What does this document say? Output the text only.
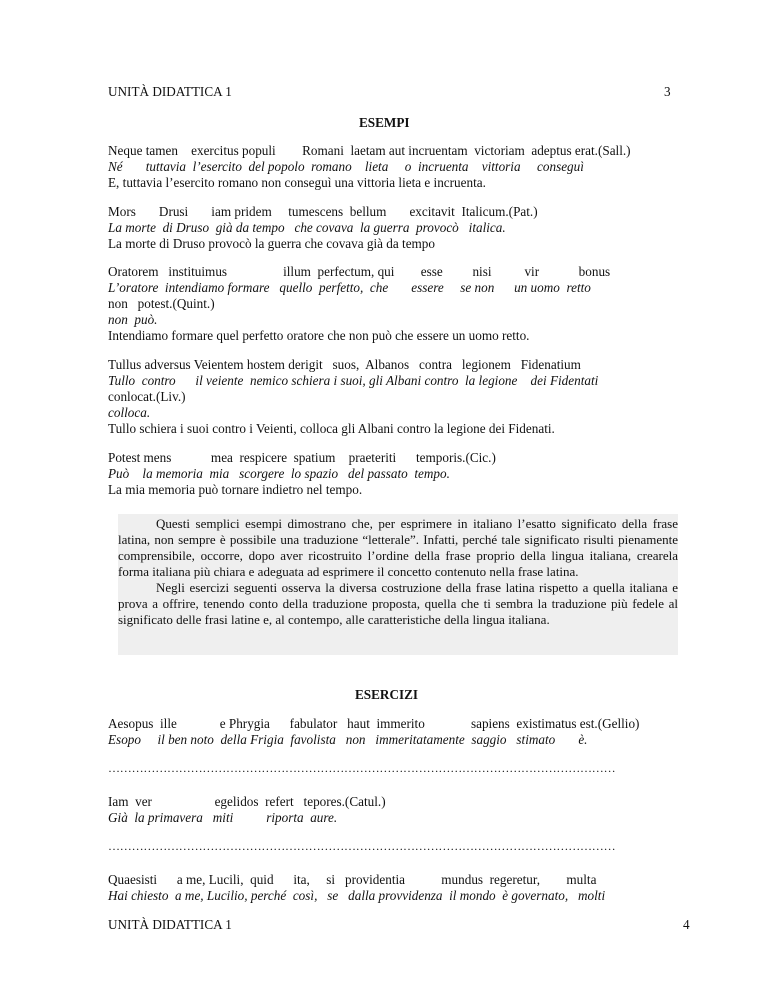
UNITÀ DIDATTICA 1	3
ESEMPI
Neque tamen    exercitus populi        Romani  laetam aut incruentam  victoriam  adeptus erat.(Sall.)
Né       tuttavia  l’esercito  del popolo  romano    lieta     o  incruenta    vittoria     conseguì
E, tuttavia l’esercito romano non conseguì una vittoria lieta e incruenta.
Mors       Drusi       iam pridem     tumescens  bellum       excitavit  Italicum.(Pat.)
La morte  di Druso  già da tempo   che covava  la guerra  provocò   italica.
La morte di Druso provocò la guerra che covava già da tempo
Oratorem   instituimus                 illum  perfectum, qui        esse         nisi          vir            bonus
L’oratore  intendiamo formare   quello  perfetto,  che       essere     se non      un uomo  retto
non   potest.(Quint.)
non  può.
Intendiamo formare quel perfetto oratore che non può che essere un uomo retto.
Tullus adversus Veientem hostem derigit   suos,  Albanos   contra   legionem   Fidenatium
Tullo  contro      il veiente  nemico schiera i suoi, gli Albani contro  la legione    dei Fidentati
conlocat.(Liv.)
colloca.
Tullo schiera i suoi contro i Veienti, colloca gli Albani contro la legione dei Fidenati.
Potest mens            mea  respicere  spatium    praeteriti      temporis.(Cic.)
Può    la memoria  mia   scorgere  lo spazio   del passato  tempo.
La mia memoria può tornare indietro nel tempo.

Questi semplici esempi dimostrano che, per esprimere in italiano l’esatto significato della frase latina, non sempre è possibile una traduzione “letterale”. Infatti, perché tale significato risulti pienamente comprensibile, occorre, dopo aver ricostruito l’ordine della frase proprio della lingua italiana, crearela forma italiana più chiara e adeguata ad esprimere il concetto contenuto nella frase latina.

Negli esercizi seguenti osserva la diversa costruzione della frase latina rispetto a quella italiana e prova a offrire, tenendo conto della traduzione proposta, quella che ti sembra la traduzione più fedele al significato delle frasi latine e, al contempo, alle caratteristiche della lingua italiana.

ESERCIZI
Aesopus  ille             e Phrygia      fabulator   haut  immerito              sapiens  existimatus est.(Gellio)
Esopo     il ben noto  della Frigia  favolista   non   immeritatamente  saggio   stimato       è.
…………………………………………………………………………………………………………………
Iam  ver                   egelidos  refert   tepores.(Catul.)
Già  la primavera   miti          riporta  aure.
…………………………………………………………………………………………………………………
Quaesisti      a me, Lucili,  quid      ita,     si   providentia           mundus  regeretur,        multa
Hai chiesto  a me, Lucilio, perché  così,   se   dalla provvidenza  il mondo  è governato,   molti
UNITÀ DIDATTICA 1	4
